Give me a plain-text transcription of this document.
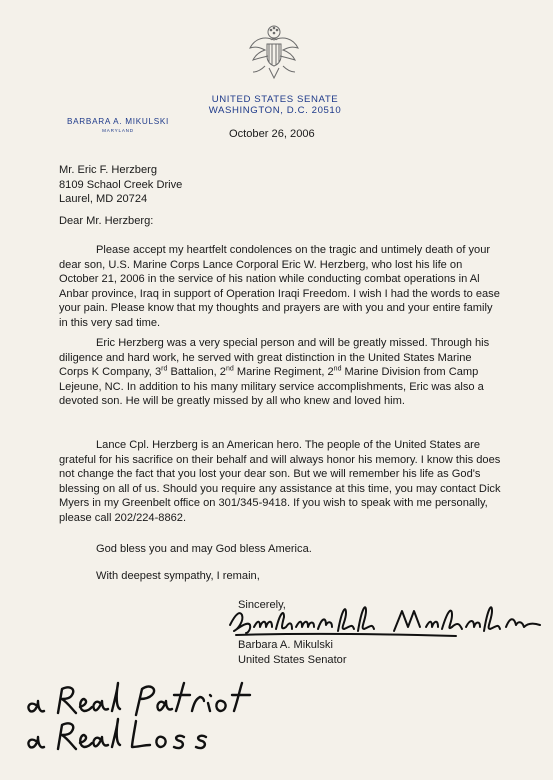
UNITED STATES SENATE
WASHINGTON, D.C. 20510
BARBARA A. MIKULSKI
MARYLAND	October 26, 2006
Mr. Eric F. Herzberg
8109 Schaol Creek Drive
Laurel, MD 20724
Dear Mr. Herzberg:

Please accept my heartfelt condolences on the tragic and untimely death of your dear son, U.S. Marine Corps Lance Corporal Eric W. Herzberg, who lost his life on October 21, 2006 in the service of his nation while conducting combat operations in Al Anbar province, Iraq in support of Operation Iraqi Freedom. I wish I had the words to ease your pain. Please know that my thoughts and prayers are with you and your entire family in this very sad time.

Eric Herzberg was a very special person and will be greatly missed. Through his diligence and hard work, he served with great distinction in the United States Marine Corps K Company, 3rd Battalion, 2nd Marine Regiment, 2nd Marine Division from Camp Lejeune, NC. In addition to his many military service accomplishments, Eric was also a devoted son. He will be greatly missed by all who knew and loved him.

Lance Cpl. Herzberg is an American hero. The people of the United States are grateful for his sacrifice on their behalf and will always honor his memory. I know this does not change the fact that you lost your dear son. But we will remember his life as God's blessing on all of us. Should you require any assistance at this time, you may contact Dick Myers in my Greenbelt office on 301/345-9418. If you wish to speak with me personally, please call 202/224-8862.

God bless you and may God bless America.

With deepest sympathy, I remain,

Sincerely,
Barbara A. Mikulski
United States Senator
